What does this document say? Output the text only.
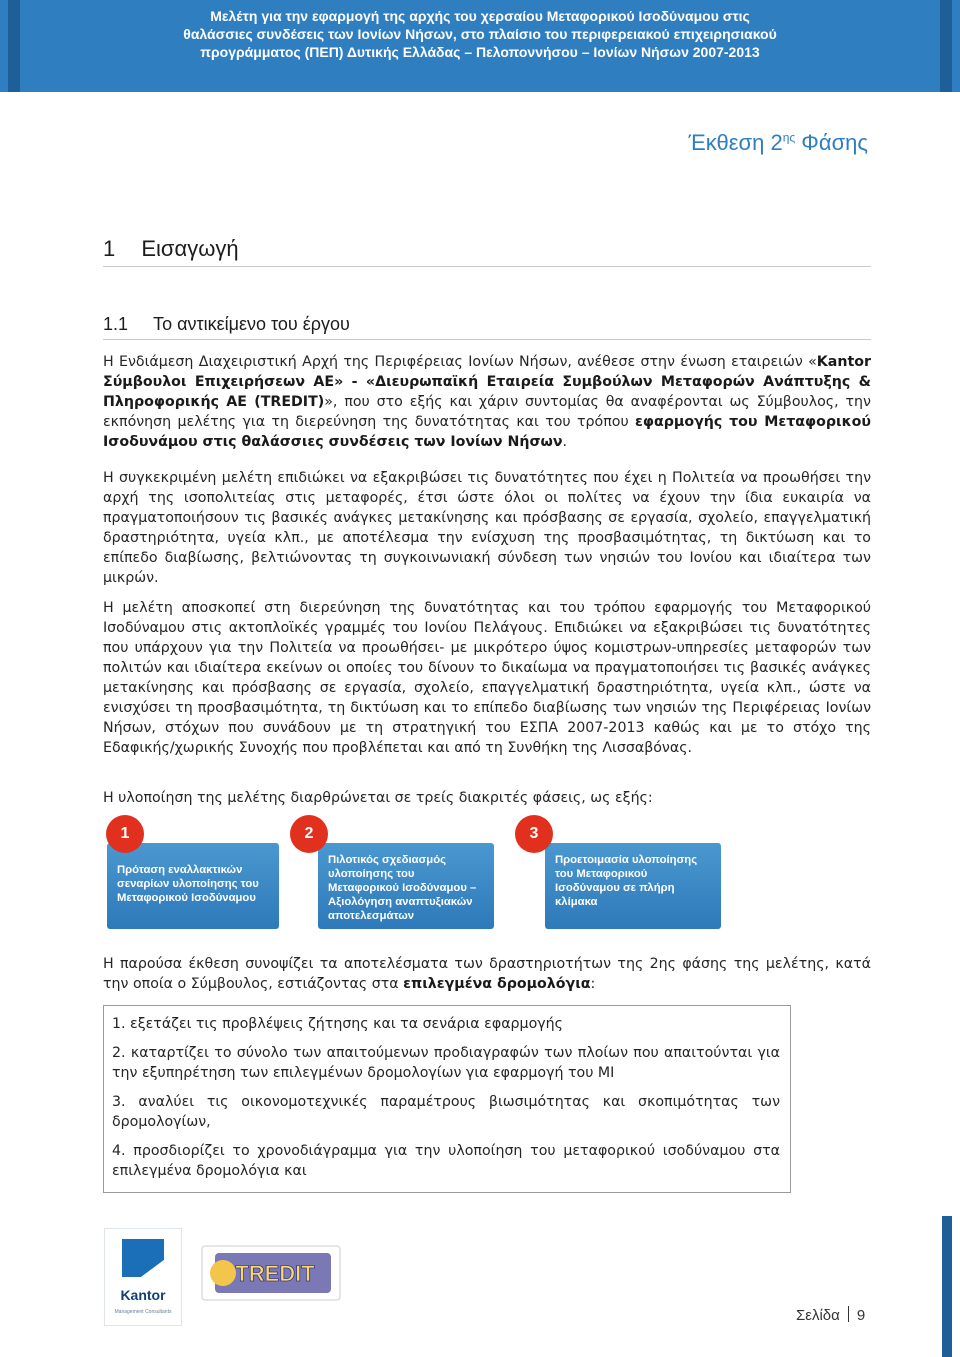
Μελέτη για την εφαρμογή της αρχής του χερσαίου Μεταφορικού Ισοδύναμου στις
θαλάσσιες συνδέσεις των Ιονίων Νήσων, στο πλαίσιο του περιφερειακού επιχειρησιακού
προγράμματος (ΠΕΠ) Δυτικής Ελλάδας – Πελοποννήσου – Ιονίων Νήσων 2007-2013
Έκθεση $2^{\eta\varsigma}$ Φάσης
1 Εισαγωγή
1.1 Το αντικείμενο του έργου
Η Ενδιάμεση Διαχειριστική Αρχή της Περιφέρειας Ιονίων Νήσων, ανέθεσε στην ένωση εταιρειών «Kantor Σύμβουλοι Επιχειρήσεων ΑΕ» - «Διευρωπαϊκή Εταιρεία Συμβούλων Μεταφορών Ανάπτυξης & Πληροφορικής ΑΕ (TREDIT)», που στο εξής και χάριν συντομίας θα αναφέρονται ως Σύμβουλος, την εκπόνηση μελέτης για τη διερεύνηση της δυνατότητας και του τρόπου εφαρμογής του Μεταφορικού Ισοδυνάμου στις θαλάσσιες συνδέσεις των Ιονίων Νήσων.
Η συγκεκριμένη μελέτη επιδιώκει να εξακριβώσει τις δυνατότητες που έχει η Πολιτεία να προωθήσει την αρχή της ισοπολιτείας στις μεταφορές, έτσι ώστε όλοι οι πολίτες να έχουν την ίδια ευκαιρία να πραγματοποιήσουν τις βασικές ανάγκες μετακίνησης και πρόσβασης σε εργασία, σχολείο, επαγγελματική δραστηριότητα, υγεία κλπ., με αποτέλεσμα την ενίσχυση της προσβασιμότητας, τη δικτύωση και το επίπεδο διαβίωσης, βελτιώνοντας τη συγκοινωνιακή σύνδεση των νησιών του Ιονίου και ιδιαίτερα των μικρών.
Η μελέτη αποσκοπεί στη διερεύνηση της δυνατότητας και του τρόπου εφαρμογής του Μεταφορικού Ισοδύναμου στις ακτοπλοϊκές γραμμές του Ιονίου Πελάγους. Επιδιώκει να εξακριβώσει τις δυνατότητες που υπάρχουν για την Πολιτεία να προωθήσει- με μικρότερο ύψος κομιστρων-υπηρεσίες μεταφορών των πολιτών και ιδιαίτερα εκείνων οι οποίες του δίνουν το δικαίωμα να πραγματοποιήσει τις βασικές ανάγκες μετακίνησης και πρόσβασης σε εργασία, σχολείο, επαγγελματική δραστηριότητα, υγεία κλπ., ώστε να ενισχύσει τη προσβασιμότητα, τη δικτύωση και το επίπεδο διαβίωσης των νησιών της Περιφέρειας Ιονίων Νήσων, στόχων που συνάδουν με τη στρατηγική του ΕΣΠΑ 2007-2013 καθώς και με το στόχο της Εδαφικής/χωρικής Συνοχής που προβλέπεται και από τη Συνθήκη της Λισσαβόνας.
Η υλοποίηση της μελέτης διαρθρώνεται σε τρείς διακριτές φάσεις, ως εξής:
Πρόταση εναλλακτικών σεναρίων υλοποίησης του Μεταφορικού Ισοδύναμου
Πιλοτικός σχεδιασμός υλοποίησης του Μεταφορικού Ισοδύναμου – Αξιολόγηση αναπτυξιακών αποτελεσμάτων
Προετοιμασία υλοποίησης του Μεταφορικού Ισοδύναμου σε πλήρη κλίμακα
1	2	3
Η παρούσα έκθεση συνοψίζει τα αποτελέσματα των δραστηριοτήτων της 2ης φάσης της μελέτης, κατά την οποία ο Σύμβουλος, εστιάζοντας στα επιλεγμένα δρομολόγια:
1. εξετάζει τις προβλέψεις ζήτησης και τα σενάρια εφαρμογής
2. καταρτίζει το σύνολο των απαιτούμενων προδιαγραφών των πλοίων που απαιτούνται για την εξυπηρέτηση των επιλεγμένων δρομολογίων για εφαρμογή του ΜΙ
3. αναλύει τις οικονομοτεχνικές παραμέτρους βιωσιμότητας και σκοπιμότητας των δρομολογίων,
4. προσδιορίζει το χρονοδιάγραμμα για την υλοποίηση του μεταφορικού ισοδύναμου στα επιλεγμένα δρομολόγια και
Kantor
Management Consultants
TREDIT
Σελίδα 9
